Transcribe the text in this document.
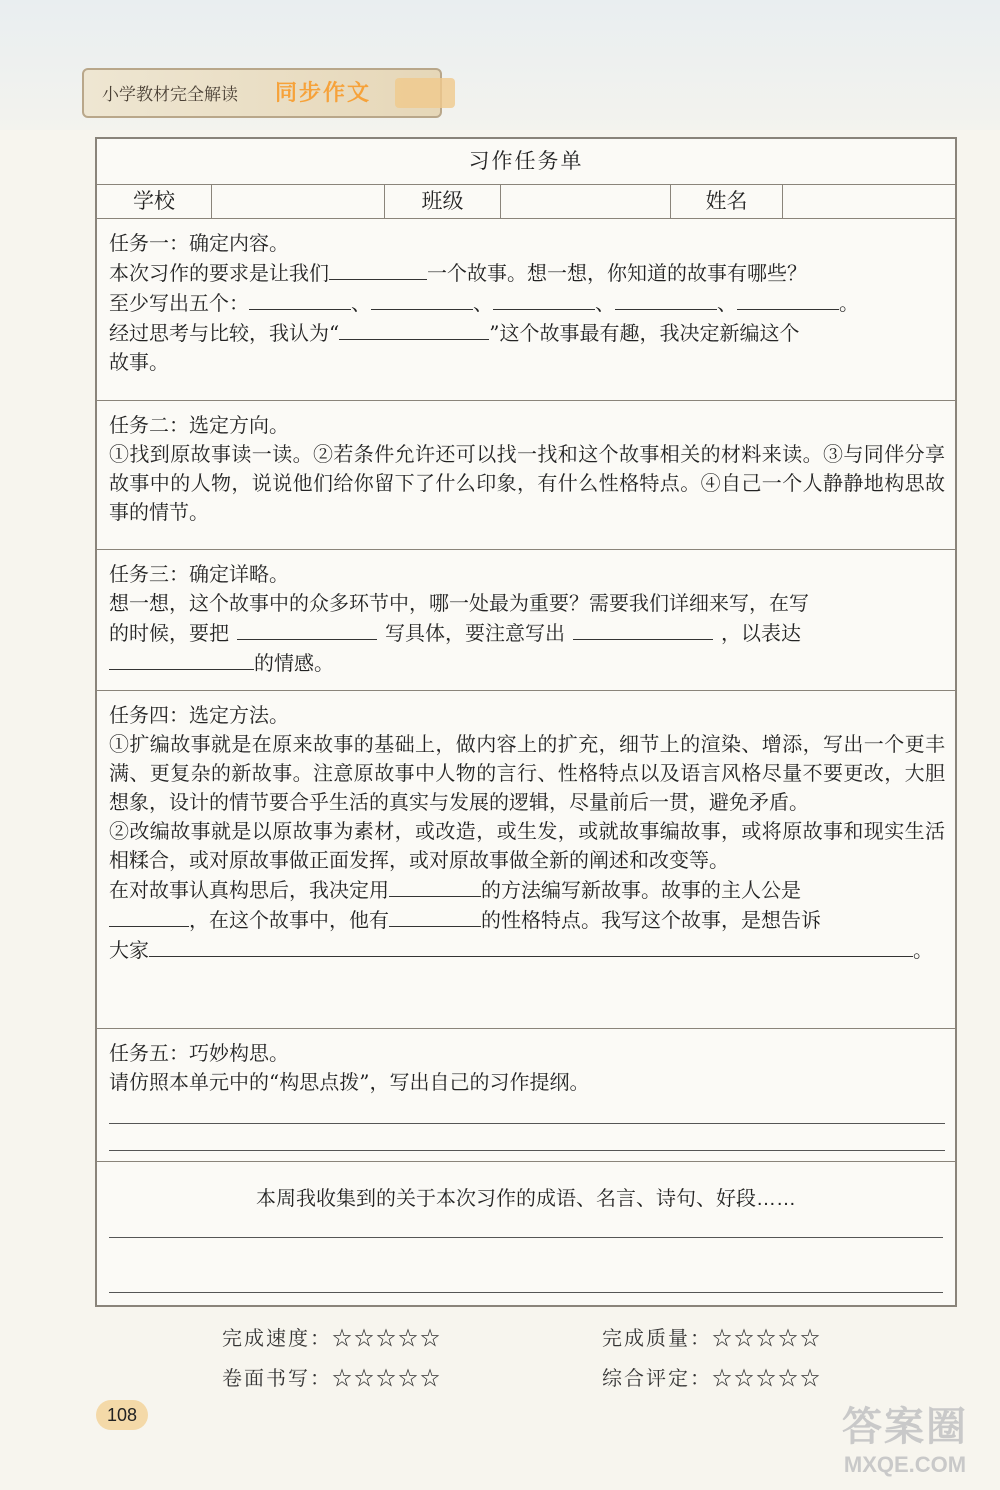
小学教材完全解读 同步作文
习作任务单
学校	班级	姓名
任务一：确定内容。

本次习作的要求是让我们	一个故事。想一想，你知道的故事有哪些？

至少写出五个：	、	、	、	、	。

经过思考与比较，我认为“	”这个故事最有趣，我决定新编这个

故事。

任务二：选定方向。

①找到原故事读一读。②若条件允许还可以找一找和这个故事相关的材料来读。③与同伴分享故事中的人物，说说他们给你留下了什么印象，有什么性格特点。④自己一个人静静地构思故事的情节。

任务三：确定详略。

想一想，这个故事中的众多环节中，哪一处最为重要？需要我们详细来写，在写

的时候，要把	写具体，要注意写出	，以表达

的情感。

任务四：选定方法。

①扩编故事就是在原来故事的基础上，做内容上的扩充，细节上的渲染、增添，写出一个更丰满、更复杂的新故事。注意原故事中人物的言行、性格特点以及语言风格尽量不要更改，大胆想象，设计的情节要合乎生活的真实与发展的逻辑，尽量前后一贯，避免矛盾。

②改编故事就是以原故事为素材，或改造，或生发，或就故事编故事，或将原故事和现实生活相糅合，或对原故事做正面发挥，或对原故事做全新的阐述和改变等。

在对故事认真构思后，我决定用	的方法编写新故事。故事的主人公是

，在这个故事中，他有	的性格特点。我写这个故事，是想告诉

大家	。

任务五：巧妙构思。

请仿照本单元中的“构思点拨”，写出自己的习作提纲。

本周我收集到的关于本次习作的成语、名言、诗句、好段……
完成速度：☆☆☆☆☆	完成质量：☆☆☆☆☆
卷面书写：☆☆☆☆☆	综合评定：☆☆☆☆☆
108	答案圈
MXQE.COM
